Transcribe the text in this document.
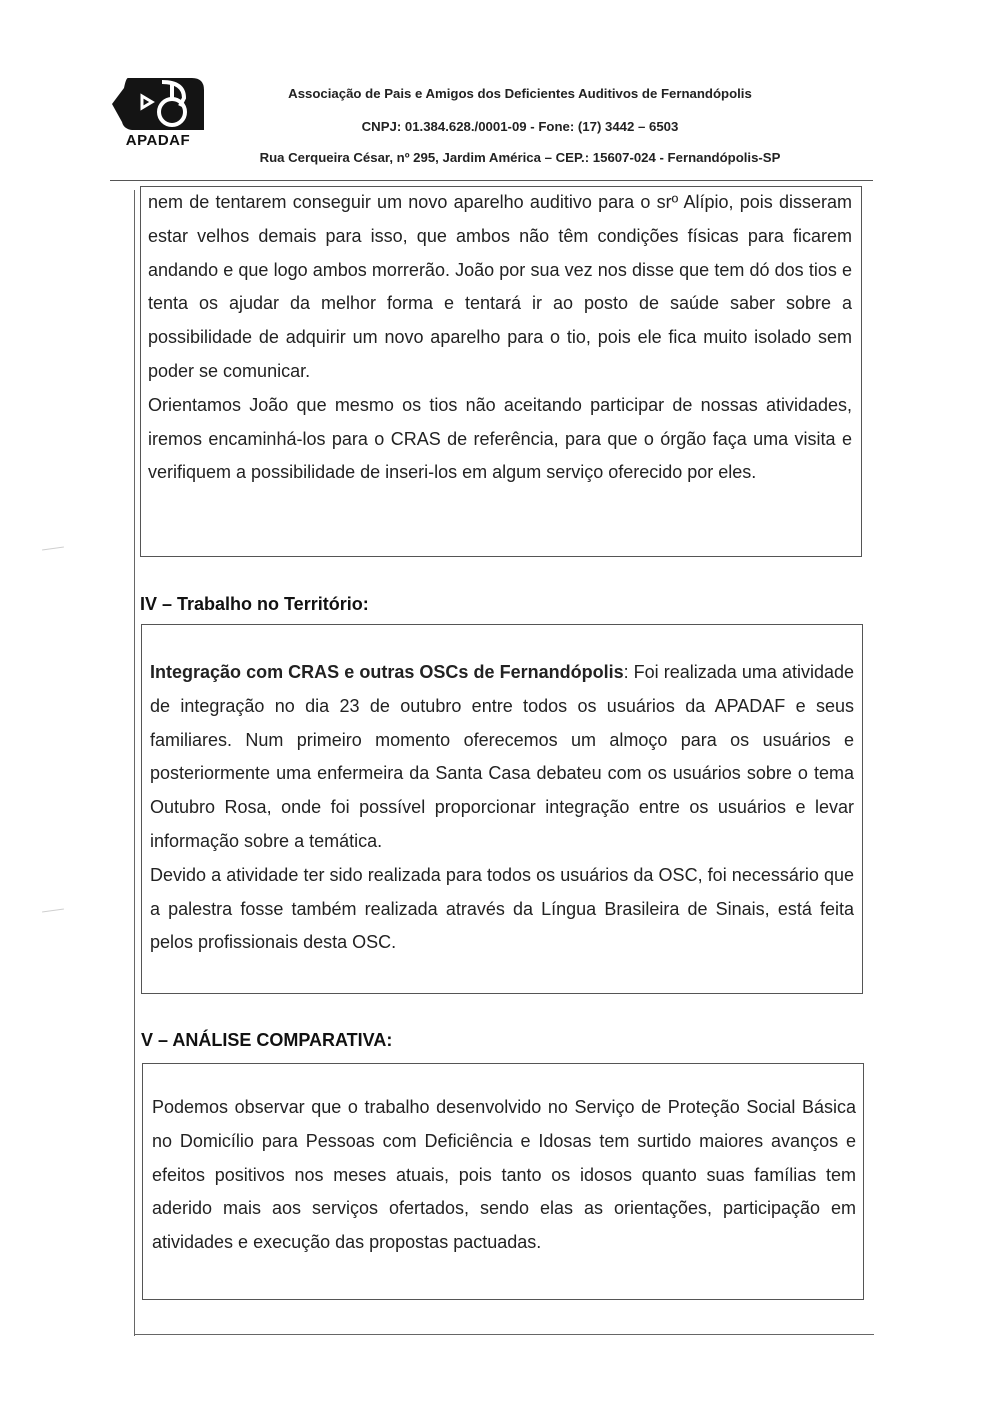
APADAF
Associação de Pais e Amigos dos Deficientes Auditivos de Fernandópolis
CNPJ: 01.384.628./0001-09 - Fone: (17) 3442 – 6503
Rua Cerqueira César, nº 295, Jardim América – CEP.: 15607-024 - Fernandópolis-SP

nem de tentarem conseguir um novo aparelho auditivo para o srº Alípio, pois disseram estar velhos demais para isso, que ambos não têm condições físicas para ficarem andando e que logo ambos morrerão. João por sua vez nos disse que tem dó dos tios e tenta os ajudar da melhor forma e tentará ir ao posto de saúde saber sobre a possibilidade de adquirir um novo aparelho para o tio, pois ele fica muito isolado sem poder se comunicar.

Orientamos João que mesmo os tios não aceitando participar de nossas atividades, iremos encaminhá-los para o CRAS de referência, para que o órgão faça uma visita e verifiquem a possibilidade de inseri-los em algum serviço oferecido por eles.

IV – Trabalho no Território:

Integração com CRAS e outras OSCs de Fernandópolis: Foi realizada uma atividade de integração no dia 23 de outubro entre todos os usuários da APADAF e seus familiares. Num primeiro momento oferecemos um almoço para os usuários e posteriormente uma enfermeira da Santa Casa debateu com os usuários sobre o tema Outubro Rosa, onde foi possível proporcionar integração entre os usuários e levar informação sobre a temática.

Devido a atividade ter sido realizada para todos os usuários da OSC, foi necessário que a palestra fosse também realizada através da Língua Brasileira de Sinais, está feita pelos profissionais desta OSC.

V – ANÁLISE COMPARATIVA:

Podemos observar que o trabalho desenvolvido no Serviço de Proteção Social Básica no Domicílio para Pessoas com Deficiência e Idosas tem surtido maiores avanços e efeitos positivos nos meses atuais, pois tanto os idosos quanto suas famílias tem aderido mais aos serviços ofertados, sendo elas as orientações, participação em atividades e execução das propostas pactuadas.
